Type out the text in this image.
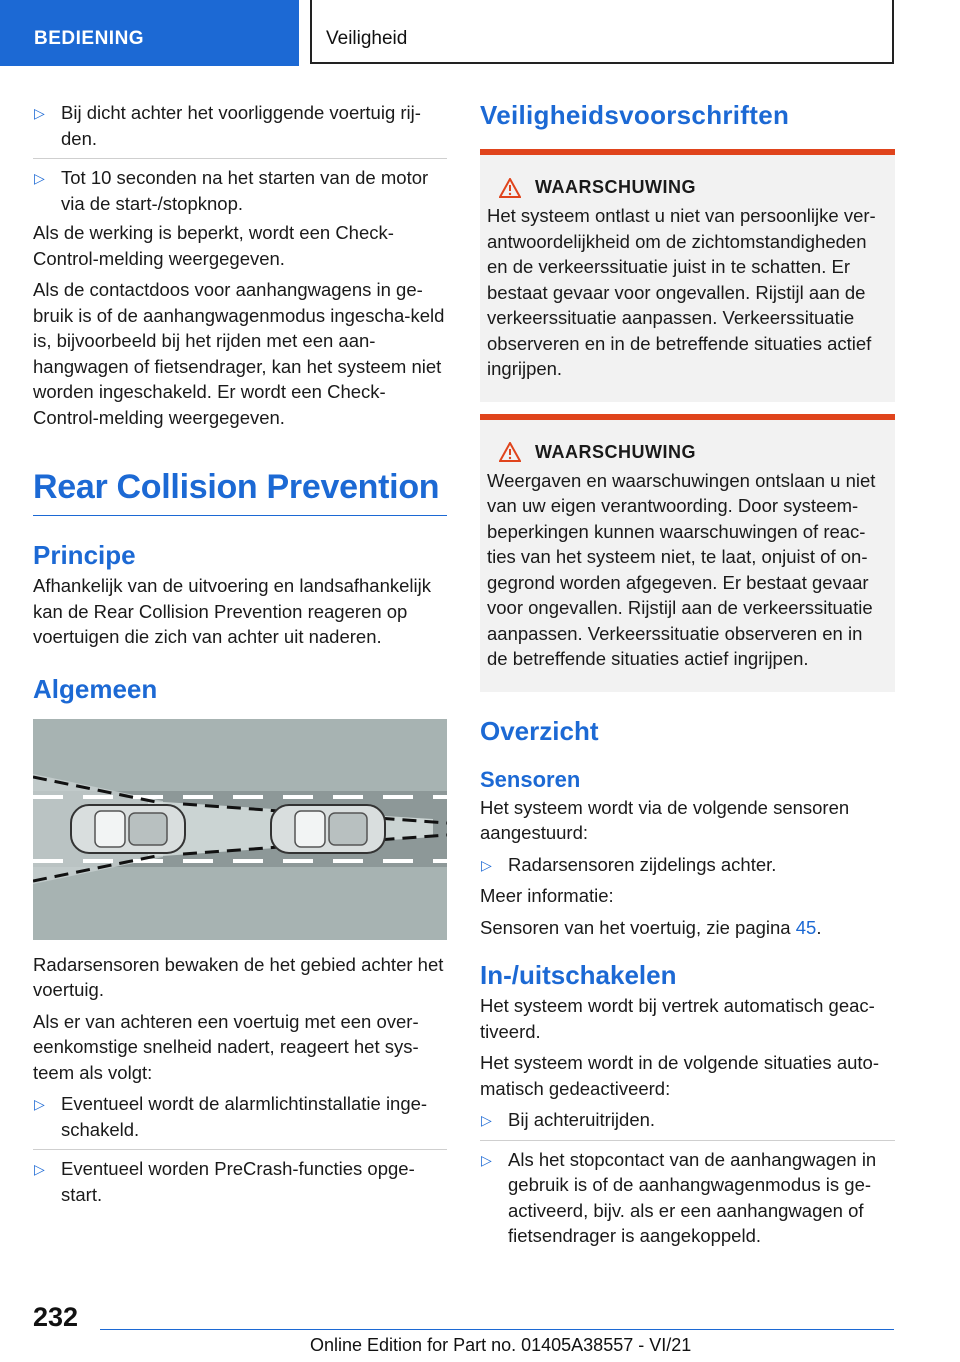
BEDIENING	Veiligheid
▷ Bij dicht achter het voorliggende voertuig rij-den.
▷ Tot 10 seconden na het starten van de motor via de start-/stopknop.

Als de werking is beperkt, wordt een Check-Control-melding weergegeven.

Als de contactdoos voor aanhangwagens in ge-bruik is of de aanhangwagenmodus ingescha-keld is, bijvoorbeeld bij het rijden met een aan-hangwagen of fietsendrager, kan het systeem niet worden ingeschakeld. Er wordt een Check-Control-melding weergegeven.

Rear Collision Prevention
Principe

Afhankelijk van de uitvoering en landsafhankelijk kan de Rear Collision Prevention reageren op voertuigen die zich van achter uit naderen.

Algemeen

Radarsensoren bewaken de het gebied achter het voertuig.

Als er van achteren een voertuig met een over-eenkomstige snelheid nadert, reageert het sys-teem als volgt:

▷ Eventueel wordt de alarmlichtinstallatie inge-schakeld.
▷ Eventueel worden PreCrash-functies opge-start.
Veiligheidsvoorschriften
WAARSCHUWING

Het systeem ontlast u niet van persoonlijke ver-antwoordelijkheid om de zichtomstandigheden en de verkeerssituatie juist in te schatten. Er bestaat gevaar voor ongevallen. Rijstijl aan de verkeerssituatie aanpassen. Verkeerssituatie observeren en in de betreffende situaties actief ingrijpen.

WAARSCHUWING

Weergaven en waarschuwingen ontslaan u niet van uw eigen verantwoording. Door systeem-beperkingen kunnen waarschuwingen of reac-ties van het systeem niet, te laat, onjuist of on-gegrond worden afgegeven. Er bestaat gevaar voor ongevallen. Rijstijl aan de verkeerssituatie aanpassen. Verkeerssituatie observeren en in de betreffende situaties actief ingrijpen.

Overzicht
Sensoren

Het systeem wordt via de volgende sensoren aangestuurd:

▷ Radarsensoren zijdelings achter.

Meer informatie:

Sensoren van het voertuig, zie pagina 45.

In-/uitschakelen

Het systeem wordt bij vertrek automatisch geac-tiveerd.

Het systeem wordt in de volgende situaties auto-matisch gedeactiveerd:

▷ Bij achteruitrijden.
▷ Als het stopcontact van de aanhangwagen in gebruik is of de aanhangwagenmodus is ge-activeerd, bijv. als er een aanhangwagen of fietsendrager is aangekoppeld.
232
Online Edition for Part no. 01405A38557 - VI/21
